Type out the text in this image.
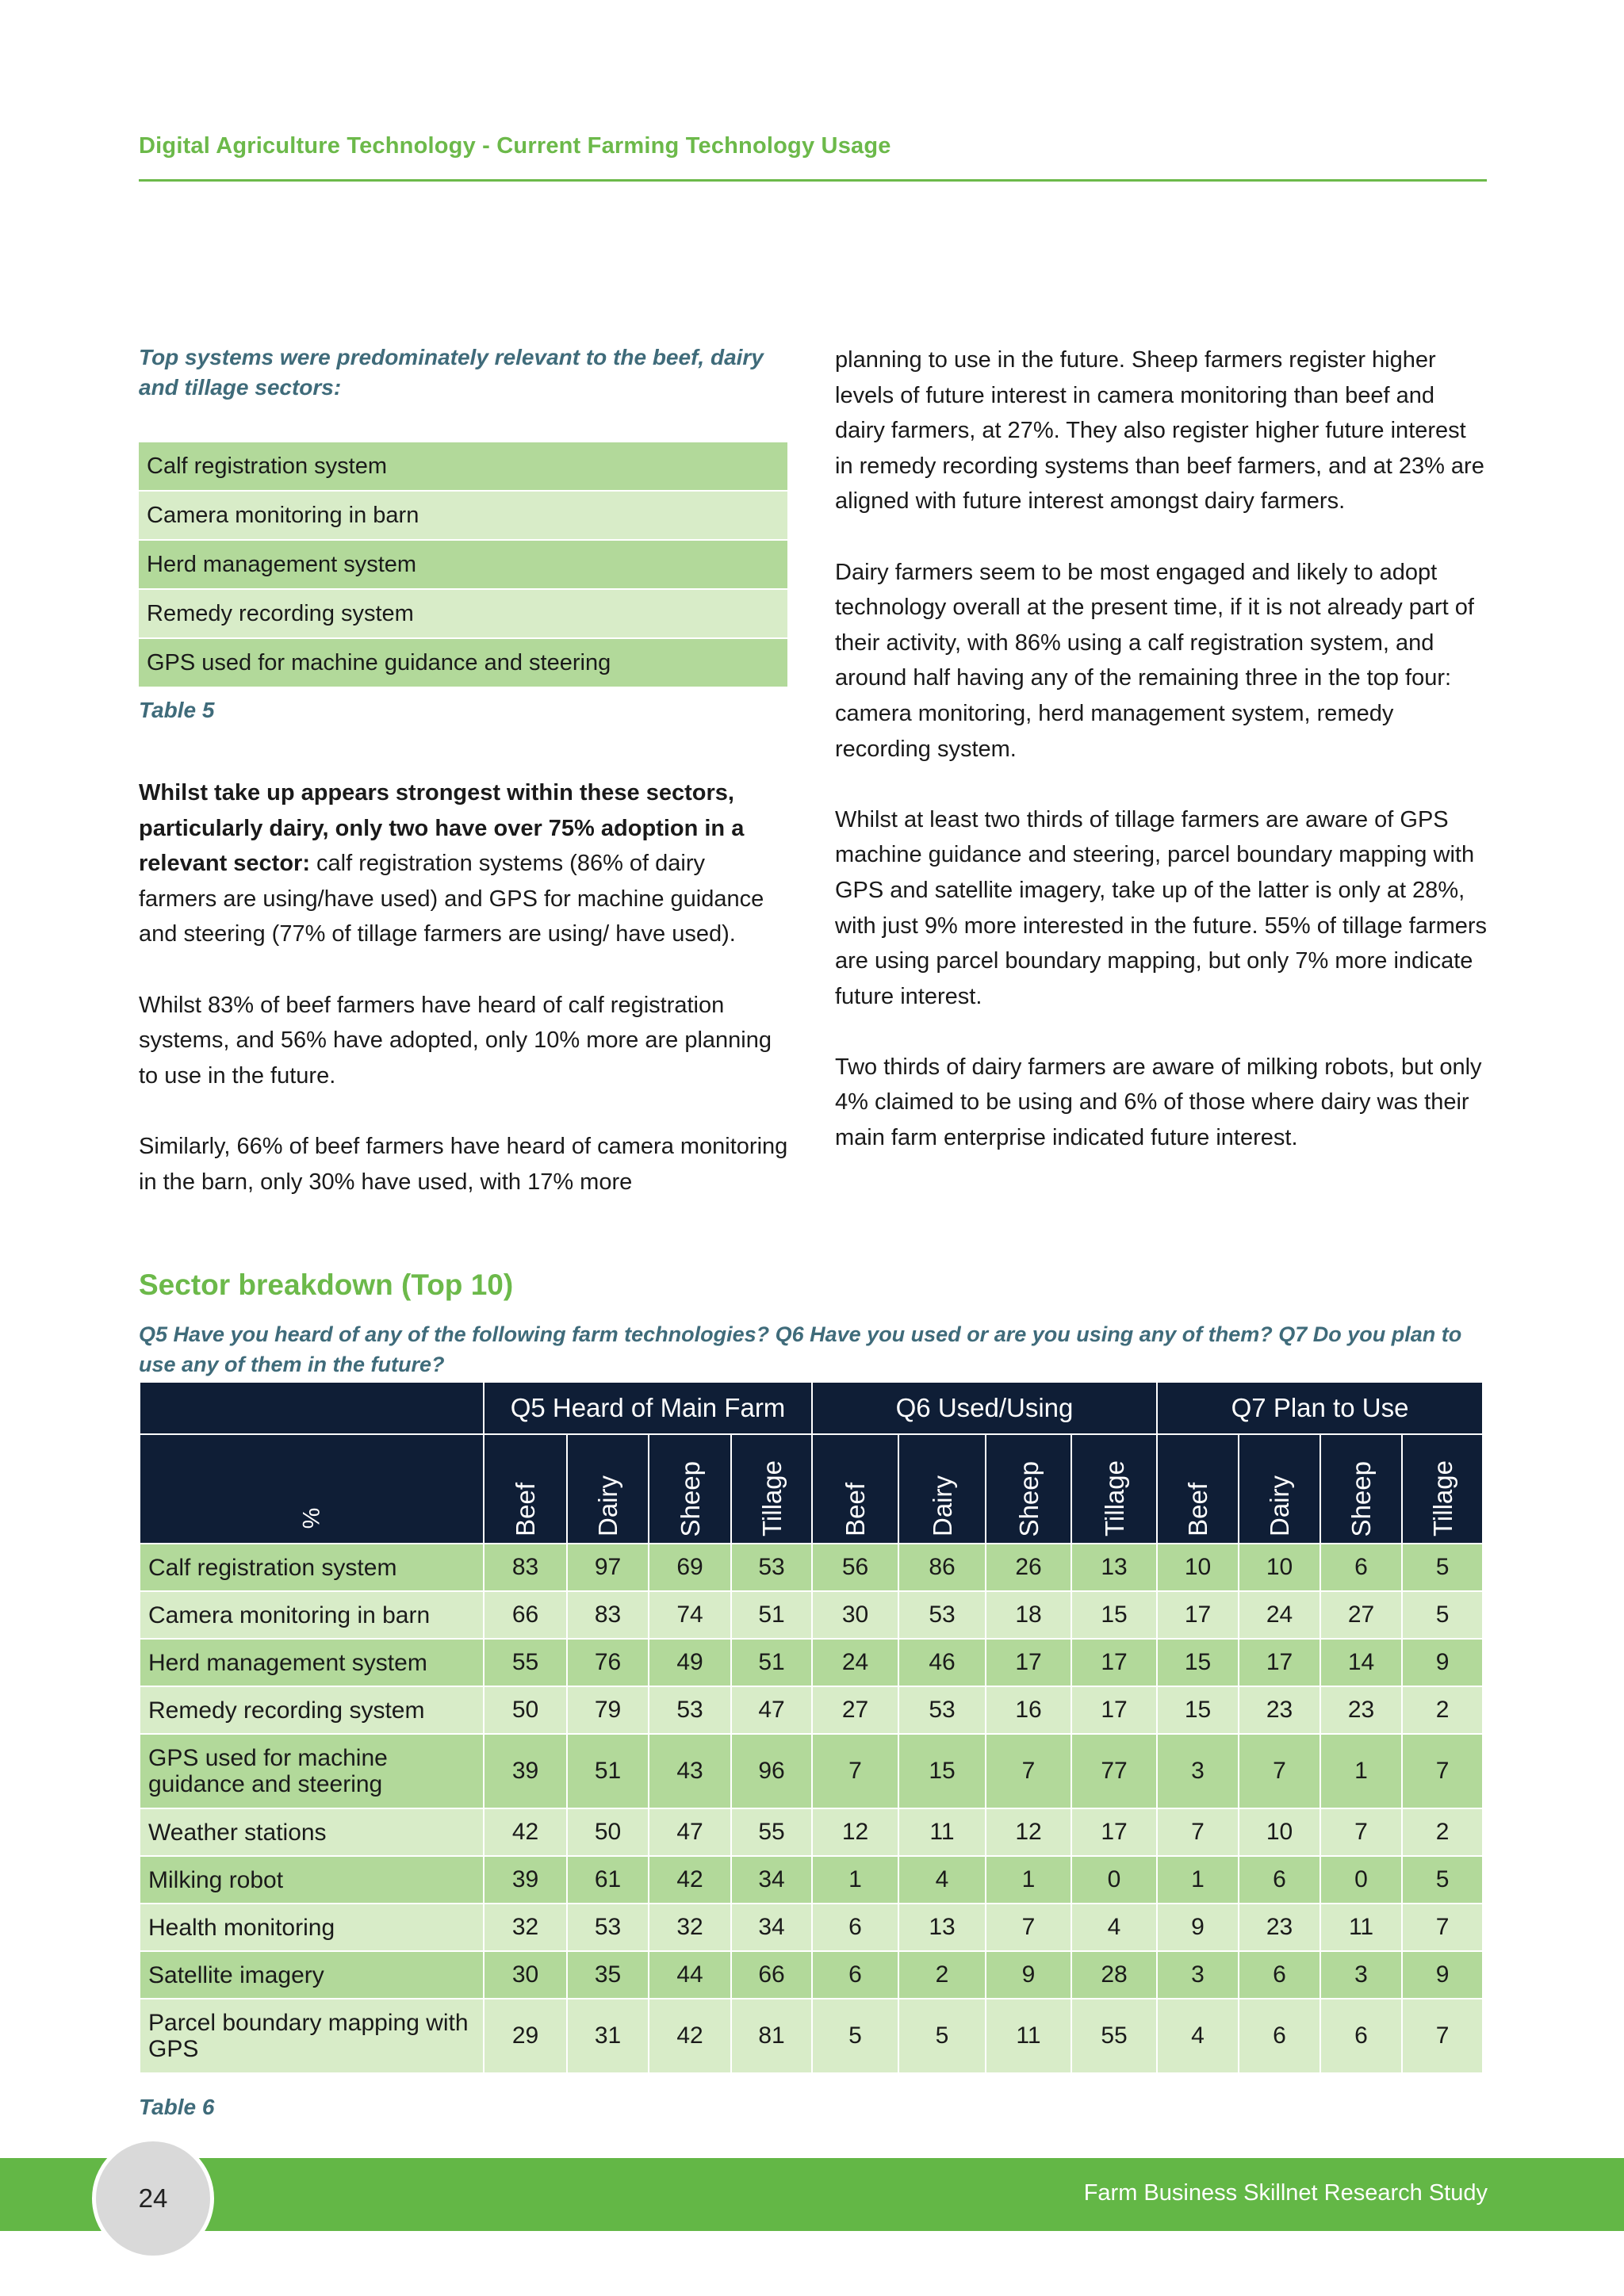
Digital Agriculture Technology - Current Farming Technology Usage

Top systems were predominately relevant to the beef, dairy and tillage sectors:

Calf registration system
Camera monitoring in barn
Herd management system
Remedy recording system
GPS used for machine guidance and steering
Table 5

Whilst take up appears strongest within these sectors, particularly dairy, only two have over 75% adoption in a relevant sector: calf registration systems (86% of dairy farmers are using/have used) and GPS for machine guidance and steering (77% of tillage farmers are using/ have used).

Whilst 83% of beef farmers have heard of calf registration systems, and 56% have adopted, only 10% more are planning to use in the future.

Similarly, 66% of beef farmers have heard of camera monitoring in the barn, only 30% have used, with 17% more

planning to use in the future. Sheep farmers register higher levels of future interest in camera monitoring than beef and dairy farmers, at 27%. They also register higher future interest in remedy recording systems than beef farmers, and at 23% are aligned with future interest amongst dairy farmers.

Dairy farmers seem to be most engaged and likely to adopt technology overall at the present time, if it is not already part of their activity, with 86% using a calf registration system, and around half having any of the remaining three in the top four: camera monitoring, herd management system, remedy recording system.

Whilst at least two thirds of tillage farmers are aware of GPS machine guidance and steering, parcel boundary mapping with GPS and satellite imagery, take up of the latter is only at 28%, with just 9% more interested in the future. 55% of tillage farmers are using parcel boundary mapping, but only 7% more indicate future interest.

Two thirds of dairy farmers are aware of milking robots, but only 4% claimed to be using and 6% of those where dairy was their main farm enterprise indicated future interest.

Sector breakdown (Top 10)
Q5 Have you heard of any of the following farm technologies? Q6 Have you used or are you using any of them? Q7 Do you plan to use any of them in the future?
	Q5 Heard of Main Farm				Q6 Used/Using				Q7 Plan to Use			
%	Beef	Dairy	Sheep	Tillage	Beef	Dairy	Sheep	Tillage	Beef	Dairy	Sheep	Tillage
Calf registration system	83	97	69	53	56	86	26	13	10	10	6	5
Camera monitoring in barn	66	83	74	51	30	53	18	15	17	24	27	5
Herd management system	55	76	49	51	24	46	17	17	15	17	14	9
Remedy recording system	50	79	53	47	27	53	16	17	15	23	23	2
GPS used for machine guidance and steering	39	51	43	96	7	15	7	77	3	7	1	7
Weather stations	42	50	47	55	12	11	12	17	7	10	7	2
Milking robot	39	61	42	34	1	4	1	0	1	6	0	5
Health monitoring	32	53	32	34	6	13	7	4	9	23	11	7
Satellite imagery	30	35	44	66	6	2	9	28	3	6	3	9
Parcel boundary mapping with GPS	29	31	42	81	5	5	11	55	4	6	6	7
Table 6
24	Farm Business Skillnet Research Study
